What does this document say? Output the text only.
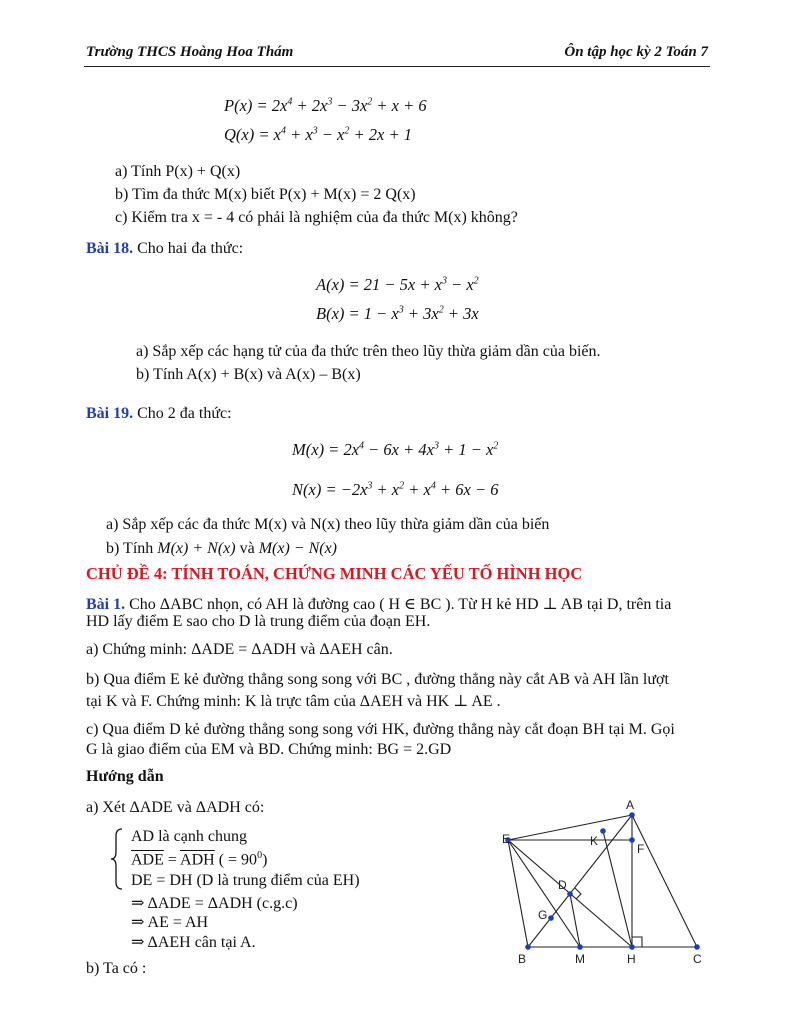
Trường THCS Hoàng Hoa Thám	Ôn tập học kỳ 2 Toán 7
$P(x) = 2x^4 + 2x^3 - 3x^2 + x + 6$
$Q(x) = x^4 + x^3 - x^2 + 2x + 1$
a) Tính P(x) + Q(x)
b) Tìm đa thức M(x) biết P(x) + M(x) = 2 Q(x)
c) Kiểm tra x = - 4 có phải là nghiệm của đa thức M(x) không?
Bài 18. Cho hai đa thức:
$A(x) = 21 - 5x + x^3 - x^2$
$B(x) = 1 - x^3 + 3x^2 + 3x$
a) Sắp xếp các hạng tử của đa thức trên theo lũy thừa giảm dần của biến.
b) Tính A(x) + B(x) và A(x) – B(x)
Bài 19. Cho 2 đa thức:
$M(x) = 2x^4 - 6x + 4x^3 + 1 - x^2$
$N(x) = -2x^3 + x^2 + x^4 + 6x - 6$
a) Sắp xếp các đa thức M(x) và N(x) theo lũy thừa giảm dần của biến
b) Tính M(x) + N(x) và M(x) − N(x)
CHỦ ĐỀ 4: TÍNH TOÁN, CHỨNG MINH CÁC YẾU TỐ HÌNH HỌC
Bài 1. Cho ΔABC nhọn, có AH là đường cao ( H ∈ BC ). Từ H kẻ HD ⊥ AB tại D, trên tia
HD lấy điểm E sao cho D là trung điểm của đoạn EH.
a) Chứng minh: ΔADE = ΔADH và ΔAEH cân.
b) Qua điểm E kẻ đường thẳng song song với BC , đường thẳng này cắt AB và AH lần lượt
tại K và F. Chứng minh: K là trực tâm của ΔAEH và HK ⊥ AE .
c) Qua điểm D kẻ đường thẳng song song với HK, đường thẳng này cắt đoạn BH tại M. Gọi
G là giao điểm của EM và BD. Chứng minh: BG = 2.GD
Hướng dẫn
a) Xét ΔADE và ΔADH có:
AD là cạnh chung
$\overline{ADE} = \overline{ADH}$ ( = $90^0$)
DE = DH (D là trung điểm của EH)
⇒ ΔADE = ΔADH (c.g.c)
⇒ AE = AH
⇒ ΔAEH cân tại A.
b) Ta có :
A
E	K
F
D
G
B	M	H	C
